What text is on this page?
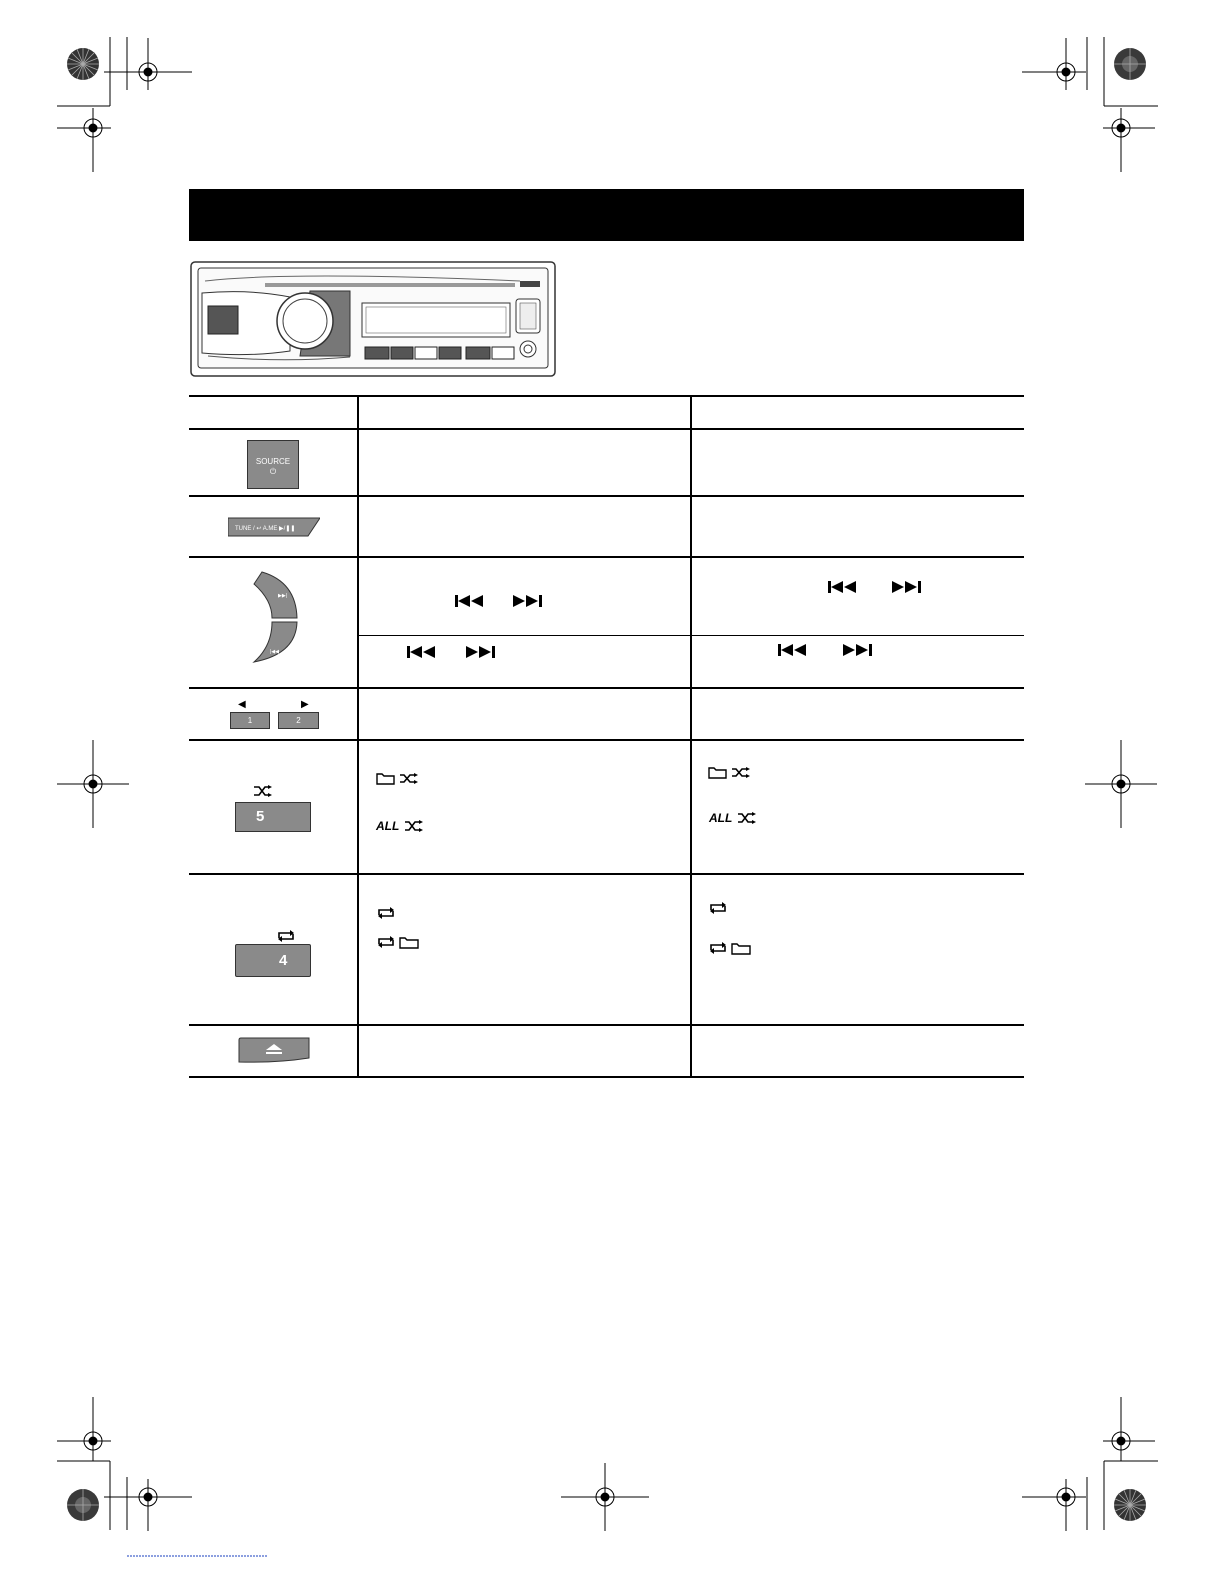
SOURCE
⏻
TUNE / ↩ A.ME ▶/❚❚
▶▶|
|◀◀
◀	▶
1	2
5
ALL
ALL
4
